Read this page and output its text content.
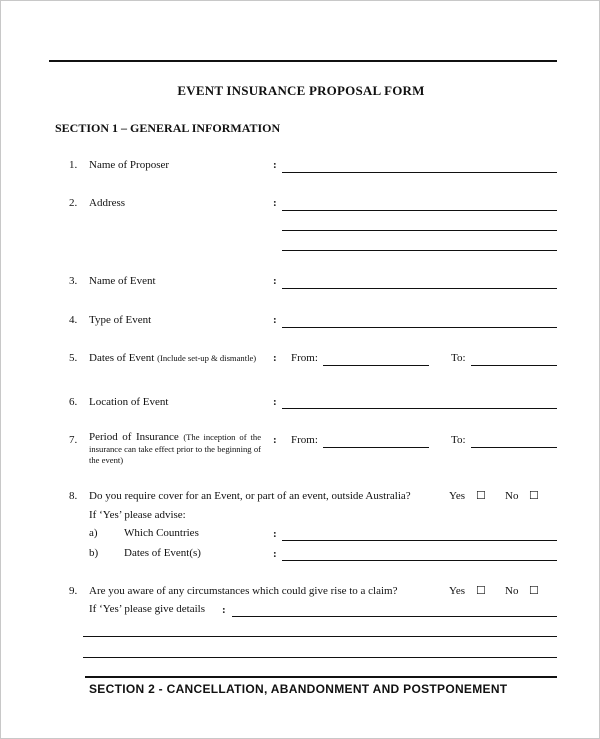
EVENT INSURANCE PROPOSAL FORM
SECTION 1 – GENERAL INFORMATION
1. Name of Proposer	:
2. Address	:
3. Name of Event	:
4. Type of Event	:
5. Dates of Event (Include set-up & dismantle) : From:	To:
6. Location of Event	:
7. Period of Insurance (The inception of the insurance can take effect prior to the beginning of the event)
: From:	To:
8. Do you require cover for an Event, or part of an event, outside Australia?	Yes ☐ No ☐
If ‘Yes’ please advise:
a) Which Countries	:
b) Dates of Event(s)	:
9. Are you aware of any circumstances which could give rise to a claim?	Yes ☐ No ☐
If ‘Yes’ please give details :
SECTION 2 - CANCELLATION, ABANDONMENT AND POSTPONEMENT
